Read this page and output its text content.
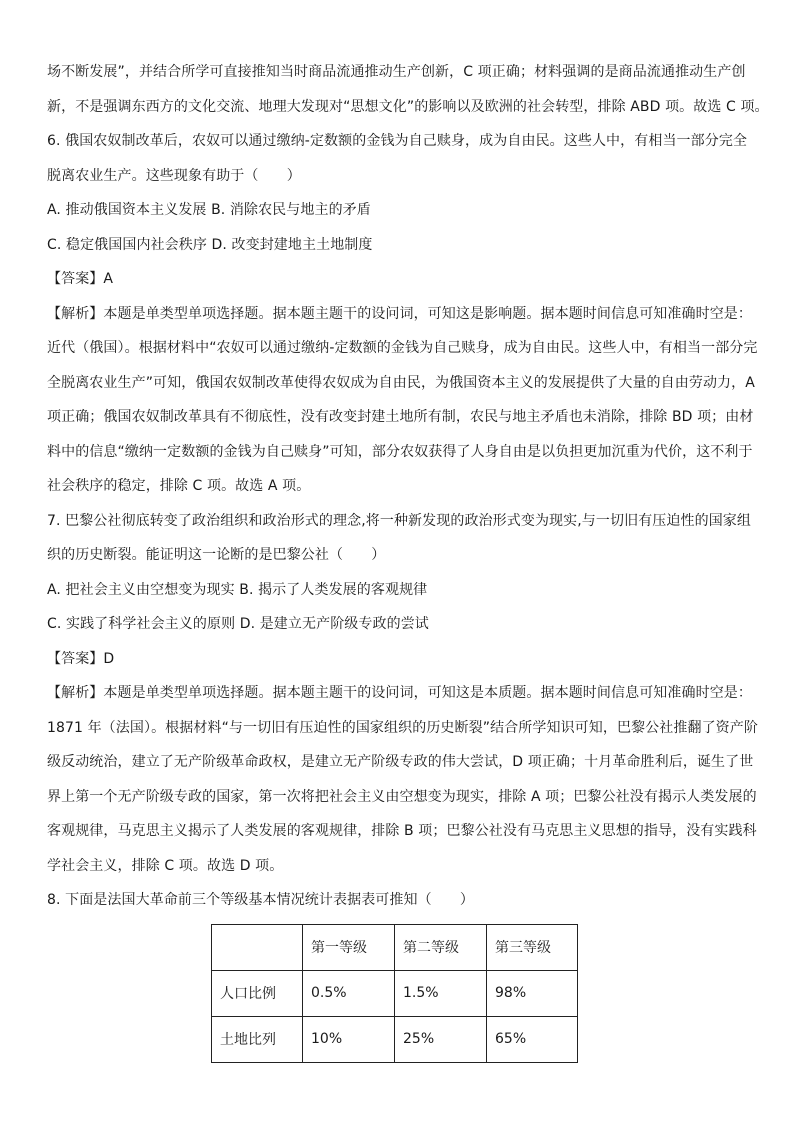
场不断发展”，并结合所学可直接推知当时商品流通推动生产创新，C 项正确；材料强调的是商品流通推动生产创
新，不是强调东西方的文化交流、地理大发现对“思想文化”的影响以及欧洲的社会转型，排除 ABD 项。故选 C 项。
6. 俄国农奴制改革后，农奴可以通过缴纳-定数额的金钱为自己赎身，成为自由民。这些人中，有相当一部分完全
脱离农业生产。这些现象有助于（　　）
A. 推动俄国资本主义发展 B. 消除农民与地主的矛盾
C. 稳定俄国国内社会秩序 D. 改变封建地主土地制度
【答案】A
【解析】本题是单类型单项选择题。据本题主题干的设问词，可知这是影响题。据本题时间信息可知准确时空是：
近代（俄国）。根据材料中“农奴可以通过缴纳-定数额的金钱为自己赎身，成为自由民。这些人中，有相当一部分完
全脱离农业生产”可知，俄国农奴制改革使得农奴成为自由民，为俄国资本主义的发展提供了大量的自由劳动力，A
项正确；俄国农奴制改革具有不彻底性，没有改变封建土地所有制，农民与地主矛盾也未消除，排除 BD 项；由材
料中的信息“缴纳一定数额的金钱为自己赎身”可知，部分农奴获得了人身自由是以负担更加沉重为代价，这不利于
社会秩序的稳定，排除 C 项。故选 A 项。
7. 巴黎公社彻底转变了政治组织和政治形式的理念,将一种新发现的政治形式变为现实,与一切旧有压迫性的国家组
织的历史断裂。能证明这一论断的是巴黎公社（　　）
A. 把社会主义由空想变为现实 B. 揭示了人类发展的客观规律
C. 实践了科学社会主义的原则 D. 是建立无产阶级专政的尝试
【答案】D
【解析】本题是单类型单项选择题。据本题主题干的设问词，可知这是本质题。据本题时间信息可知准确时空是：
1871 年（法国）。根据材料“与一切旧有压迫性的国家组织的历史断裂”结合所学知识可知，巴黎公社推翻了资产阶
级反动统治，建立了无产阶级革命政权，是建立无产阶级专政的伟大尝试，D 项正确；十月革命胜利后，诞生了世
界上第一个无产阶级专政的国家，第一次将把社会主义由空想变为现实，排除 A 项；巴黎公社没有揭示人类发展的
客观规律，马克思主义揭示了人类发展的客观规律，排除 B 项；巴黎公社没有马克思主义思想的指导，没有实践科
学社会主义，排除 C 项。故选 D 项。
8. 下面是法国大革命前三个等级基本情况统计表据表可推知（　　）
	第一等级	第二等级	第三等级
人口比例	0.5%	1.5%	98%
土地比列	10%	25%	65%
